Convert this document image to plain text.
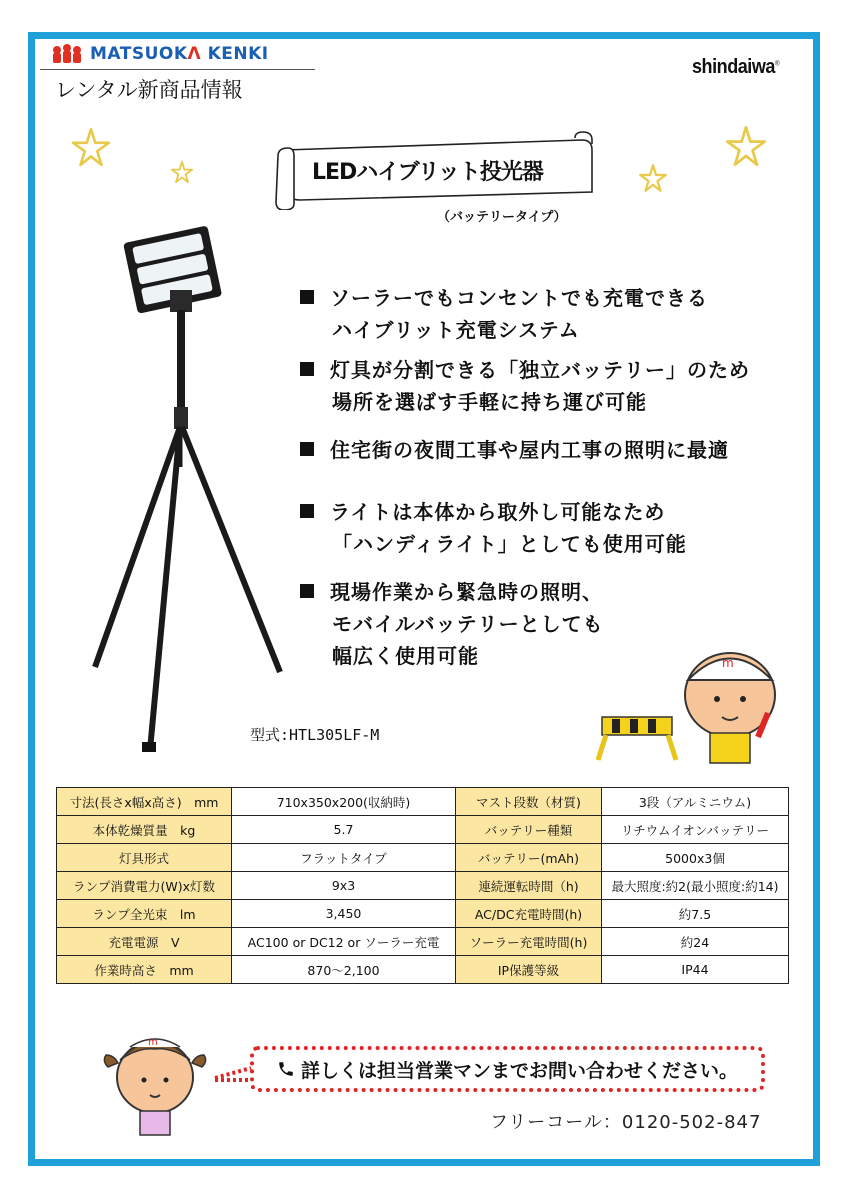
MATSUOKΛ KENKI
レンタル新商品情報
shindaiwa®
LEDハイブリット投光器
（バッテリータイプ）
ソーラーでもコンセントでも充電できる
ハイブリット充電システム
灯具が分割できる「独立バッテリー」のため
場所を選ばす手軽に持ち運び可能
住宅街の夜間工事や屋内工事の照明に最適
ライトは本体から取外し可能なため
「ハンディライト」としても使用可能
現場作業から緊急時の照明、
モバイルバッテリーとしても
幅広く使用可能	m
型式:HTL305LF-M
寸法(長さx幅x高さ)　mm	710x350x200(収納時)	マスト段数（材質)	3段（アルミニウム)
本体乾燥質量　kg	5.7	バッテリー種類	リチウムイオンバッテリー
灯具形式	フラットタイプ	バッテリー(mAh)	5000x3個
ランプ消費電力(W)x灯数	9x3	連続運転時間（h)	最大照度:約2(最小照度:約14)
ランプ全光束　lm	3,450	AC/DC充電時間(h)	約7.5
充電電源　V	AC100 or DC12 or ソーラー充電	ソーラー充電時間(h)	約24
作業時高さ　mm	870～2,100	IP保護等級	IP44
m
詳しくは担当営業マンまでお問い合わせください。
フリーコール：0120-502-847
